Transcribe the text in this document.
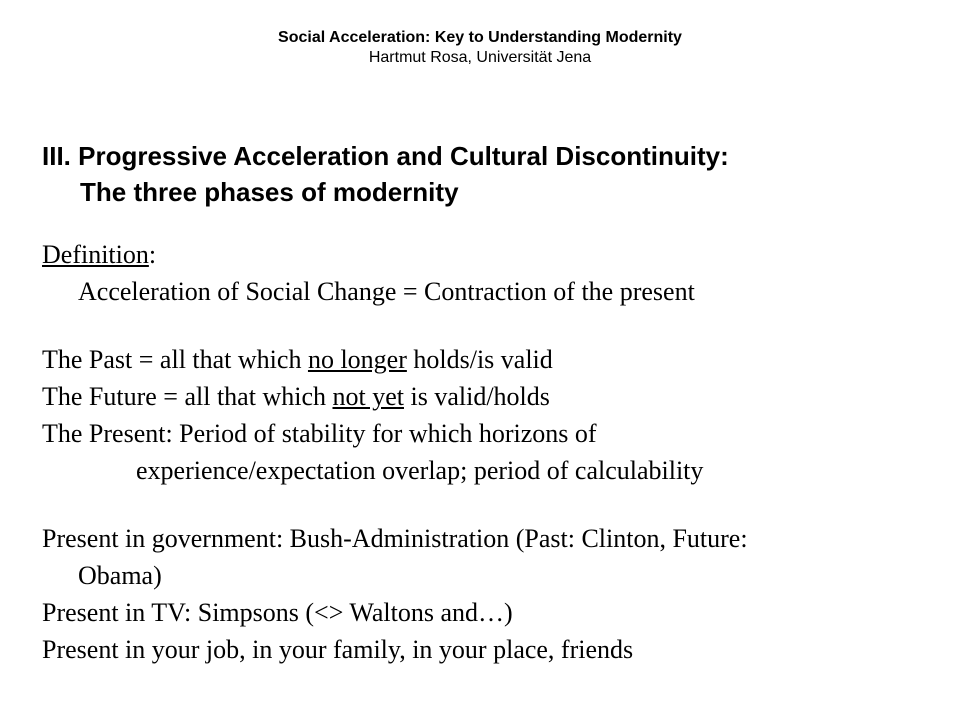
Social Acceleration: Key to Understanding Modernity
Hartmut Rosa, Universität Jena
III. Progressive Acceleration and Cultural Discontinuity:
The three phases of modernity
Definition:
Acceleration of Social Change = Contraction of the present
The Past = all that which no longer holds/is valid
The Future = all that which not yet is valid/holds
The Present: Period of stability for which horizons of
experience/expectation overlap; period of calculability
Present in government: Bush-Administration (Past: Clinton, Future:
Obama)
Present in TV: Simpsons (<> Waltons and…)
Present in your job, in your family, in your place, friends
